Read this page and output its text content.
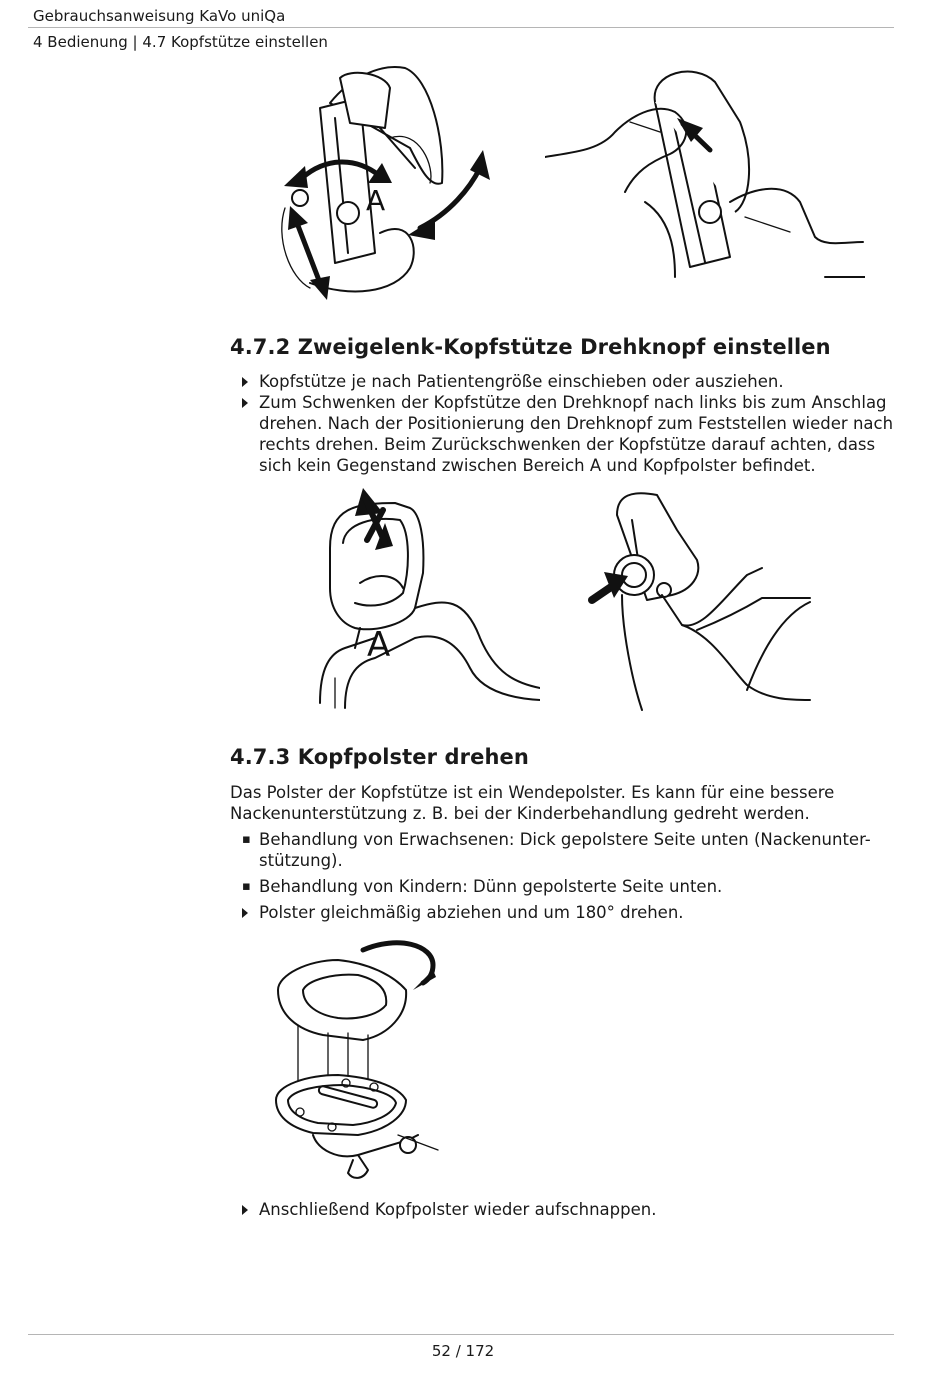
Gebrauchsanweisung KaVo uniQa
4 Bedienung | 4.7 Kopfstütze einstellen
A
4.7.2 Zweigelenk-Kopfstütze Drehknopf einstellen
Kopfstütze je nach Patientengröße einschieben oder ausziehen.
Zum Schwenken der Kopfstütze den Drehknopf nach links bis zum Anschlag drehen. Nach der Positionierung den Drehknopf zum Feststellen wieder nach rechts drehen. Beim Zurückschwenken der Kopfstütze darauf achten, dass sich kein Gegenstand zwischen Bereich A und Kopfpolster befindet.
A
4.7.3 Kopfpolster drehen

Das Polster der Kopfstütze ist ein Wendepolster. Es kann für eine bessere Nackenunterstützung z. B. bei der Kinderbehandlung gedreht werden.

▪ Behandlung von Erwachsenen: Dick gepolstere Seite unten (Nackenunter-stützung).
▪ Behandlung von Kindern: Dünn gepolsterte Seite unten.
Polster gleichmäßig abziehen und um 180° drehen.
Anschließend Kopfpolster wieder aufschnappen.
52 / 172
